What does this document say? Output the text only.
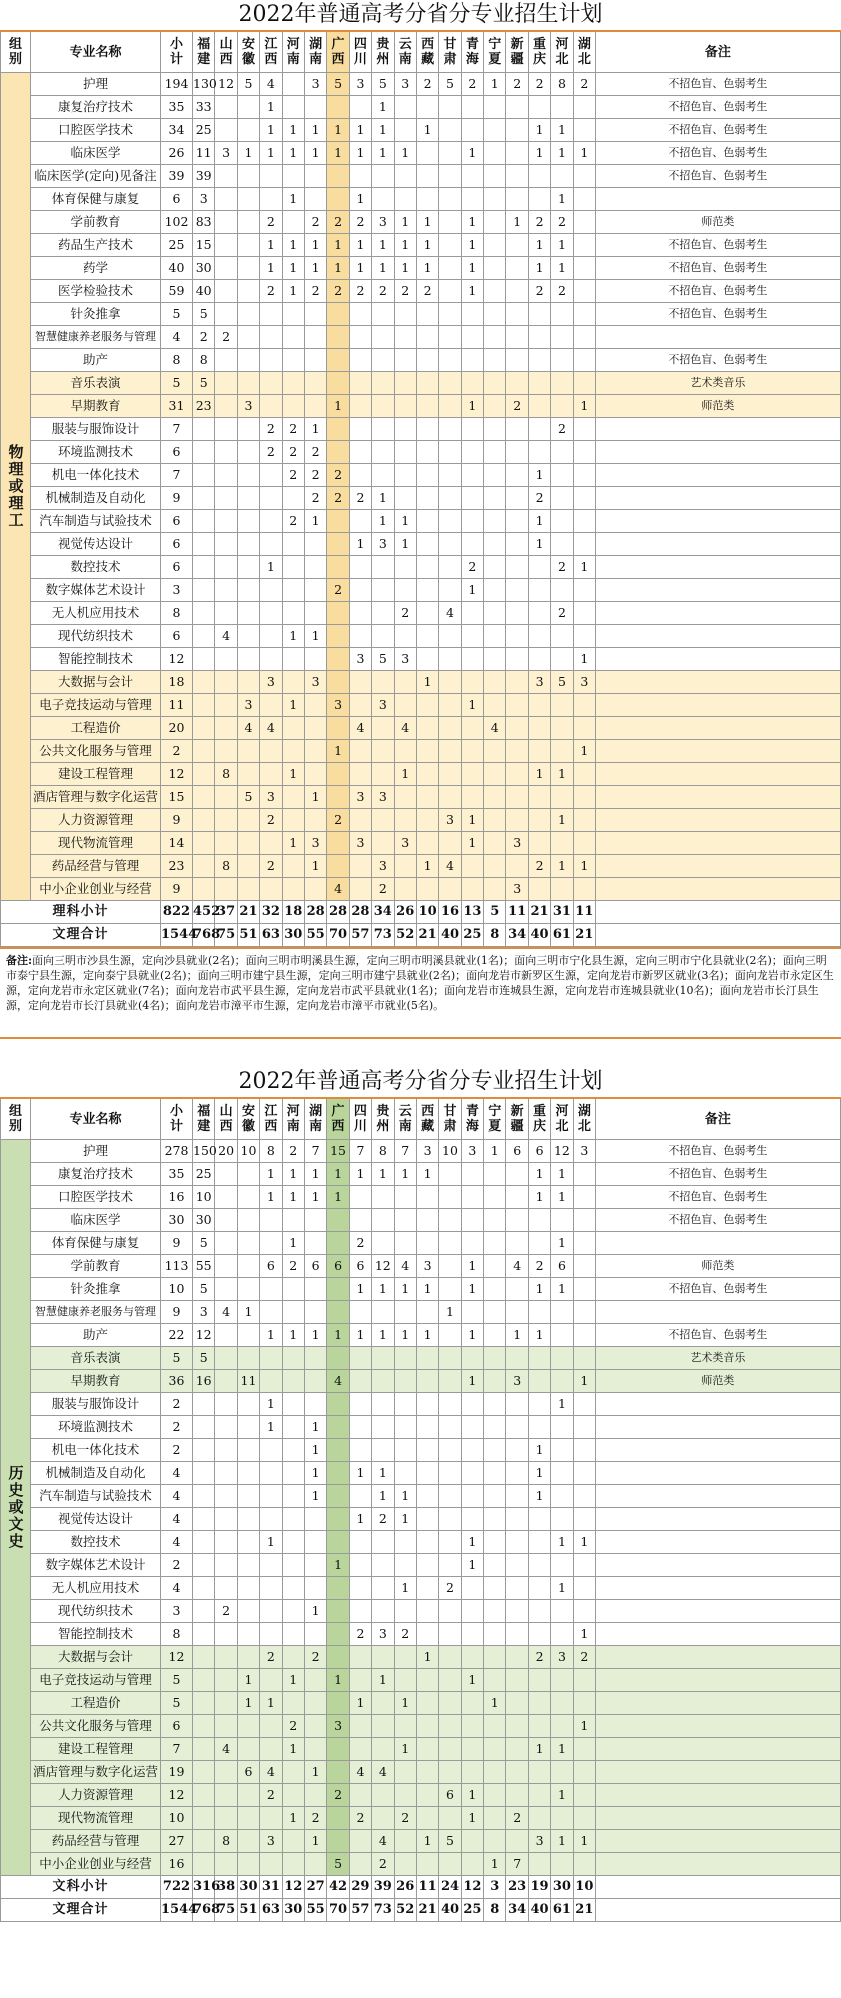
2022年普通高考分省分专业招生计划
组别	专业名称	小计	福建	山西	安徽	江西	河南	湖南	广西	四川	贵州	云南	西藏	甘肃	青海	宁夏	新疆	重庆	河北	湖北	备注
物理或理工	护理	194	130	12	5	4		3	5	3	5	3	2	5	2	1	2	2	8	2	不招色盲、色弱考生
	康复治疗技术	35	33			1					1										不招色盲、色弱考生
	口腔医学技术	34	25			1	1	1	1	1	1		1					1	1		不招色盲、色弱考生
	临床医学	26	11	3	1	1	1	1	1	1	1	1			1			1	1	1	不招色盲、色弱考生
	临床医学(定向)见备注	39	39																		不招色盲、色弱考生
	体育保健与康复	6	3				1			1									1		
	学前教育	102	83			2		2	2	2	3	1	1		1		1	2	2		师范类
	药品生产技术	25	15			1	1	1	1	1	1	1	1		1			1	1		不招色盲、色弱考生
	药学	40	30			1	1	1	1	1	1	1	1		1			1	1		不招色盲、色弱考生
	医学检验技术	59	40			2	1	2	2	2	2	2	2		1			2	2		不招色盲、色弱考生
	针灸推拿	5	5																		不招色盲、色弱考生
	智慧健康养老服务与管理	4	2	2																	
	助产	8	8																		不招色盲、色弱考生
	音乐表演	5	5																		艺术类音乐
	早期教育	31	23		3				1						1		2			1	师范类
	服装与服饰设计	7				2	2	1											2		
	环境监测技术	6				2	2	2													
	机电一体化技术	7					2	2	2									1			
	机械制造及自动化	9						2	2	2	1							2			
	汽车制造与试验技术	6					2	1			1	1						1			
	视觉传达设计	6								1	3	1						1			
	数控技术	6				1									2				2	1	
	数字媒体艺术设计	3							2						1						
	无人机应用技术	8										2		4					2		
	现代纺织技术	6		4			1	1													
	智能控制技术	12								3	5	3								1	
	大数据与会计	18				3		3					1					3	5	3	
	电子竞技运动与管理	11			3		1		3		3				1						
	工程造价	20			4	4				4		4				4					
	公共文化服务与管理	2							1											1	
	建设工程管理	12		8			1					1						1	1		
	酒店管理与数字化运营	15			5	3		1		3	3										
	人力资源管理	9				2			2					3	1				1		
	现代物流管理	14					1	3		3		3			1		3				
	药品经营与管理	23		8		2		1			3		1	4				2	1	1	
	中小企业创业与经营	9							4		2						3				
理科小计		822	452	37	21	32	18	28	28	28	34	26	10	16	13	5	11	21	31	11	
文理合计		1544	768	75	51	63	30	55	70	57	73	52	21	40	25	8	34	40	61	21	
备注:面向三明市沙县生源，定向沙县就业(2名)；面向三明市明溪县生源，定向三明市明溪县就业(1名)；面向三明市宁化县生源，定向三明市宁化县就业(2名)；面向三明市泰宁县生源，定向泰宁县就业(2名)；面向三明市建宁县生源，定向三明市建宁县就业(2名)；面向龙岩市新罗区生源，定向龙岩市新罗区就业(3名)；面向龙岩市永定区生源，定向龙岩市永定区就业(7名)；面向龙岩市武平县生源，定向龙岩市武平县就业(1名)；面向龙岩市连城县生源，定向龙岩市连城县就业(10名)；面向龙岩市长汀县生源，定向龙岩市长汀县就业(4名)；面向龙岩市漳平市生源，定向龙岩市漳平市就业(5名)。
2022年普通高考分省分专业招生计划
组别	专业名称	小计	福建	山西	安徽	江西	河南	湖南	广西	四川	贵州	云南	西藏	甘肃	青海	宁夏	新疆	重庆	河北	湖北	备注
历史或文史	护理	278	150	20	10	8	2	7	15	7	8	7	3	10	3	1	6	6	12	3	不招色盲、色弱考生
	康复治疗技术	35	25			1	1	1	1	1	1	1	1					1	1		不招色盲、色弱考生
	口腔医学技术	16	10			1	1	1	1									1	1		不招色盲、色弱考生
	临床医学	30	30																		不招色盲、色弱考生
	体育保健与康复	9	5				1			2									1		
	学前教育	113	55			6	2	6	6	6	12	4	3		1		4	2	6		师范类
	针灸推拿	10	5							1	1	1	1		1			1	1		不招色盲、色弱考生
	智慧健康养老服务与管理	9	3	4	1									1							
	助产	22	12			1	1	1	1	1	1	1	1		1		1	1			不招色盲、色弱考生
	音乐表演	5	5																		艺术类音乐
	早期教育	36	16		11				4						1		3			1	师范类
	服装与服饰设计	2				1													1		
	环境监测技术	2				1		1													
	机电一体化技术	2						1										1			
	机械制造及自动化	4						1		1	1							1			
	汽车制造与试验技术	4						1			1	1						1			
	视觉传达设计	4								1	2	1									
	数控技术	4				1									1				1	1	
	数字媒体艺术设计	2							1						1						
	无人机应用技术	4										1		2					1		
	现代纺织技术	3		2				1													
	智能控制技术	8								2	3	2								1	
	大数据与会计	12				2		2					1					2	3	2	
	电子竞技运动与管理	5			1		1		1		1				1						
	工程造价	5			1	1				1		1				1					
	公共文化服务与管理	6					2		3											1	
	建设工程管理	7		4			1					1						1	1		
	酒店管理与数字化运营	19			6	4		1		4	4										
	人力资源管理	12				2			2					6	1				1		
	现代物流管理	10					1	2		2		2			1		2				
	药品经营与管理	27		8		3		1			4		1	5				3	1	1	
	中小企业创业与经营	16							5		2					1	7				
文科小计		722	316	38	30	31	12	27	42	29	39	26	11	24	12	3	23	19	30	10	
文理合计		1544	768	75	51	63	30	55	70	57	73	52	21	40	25	8	34	40	61	21	
